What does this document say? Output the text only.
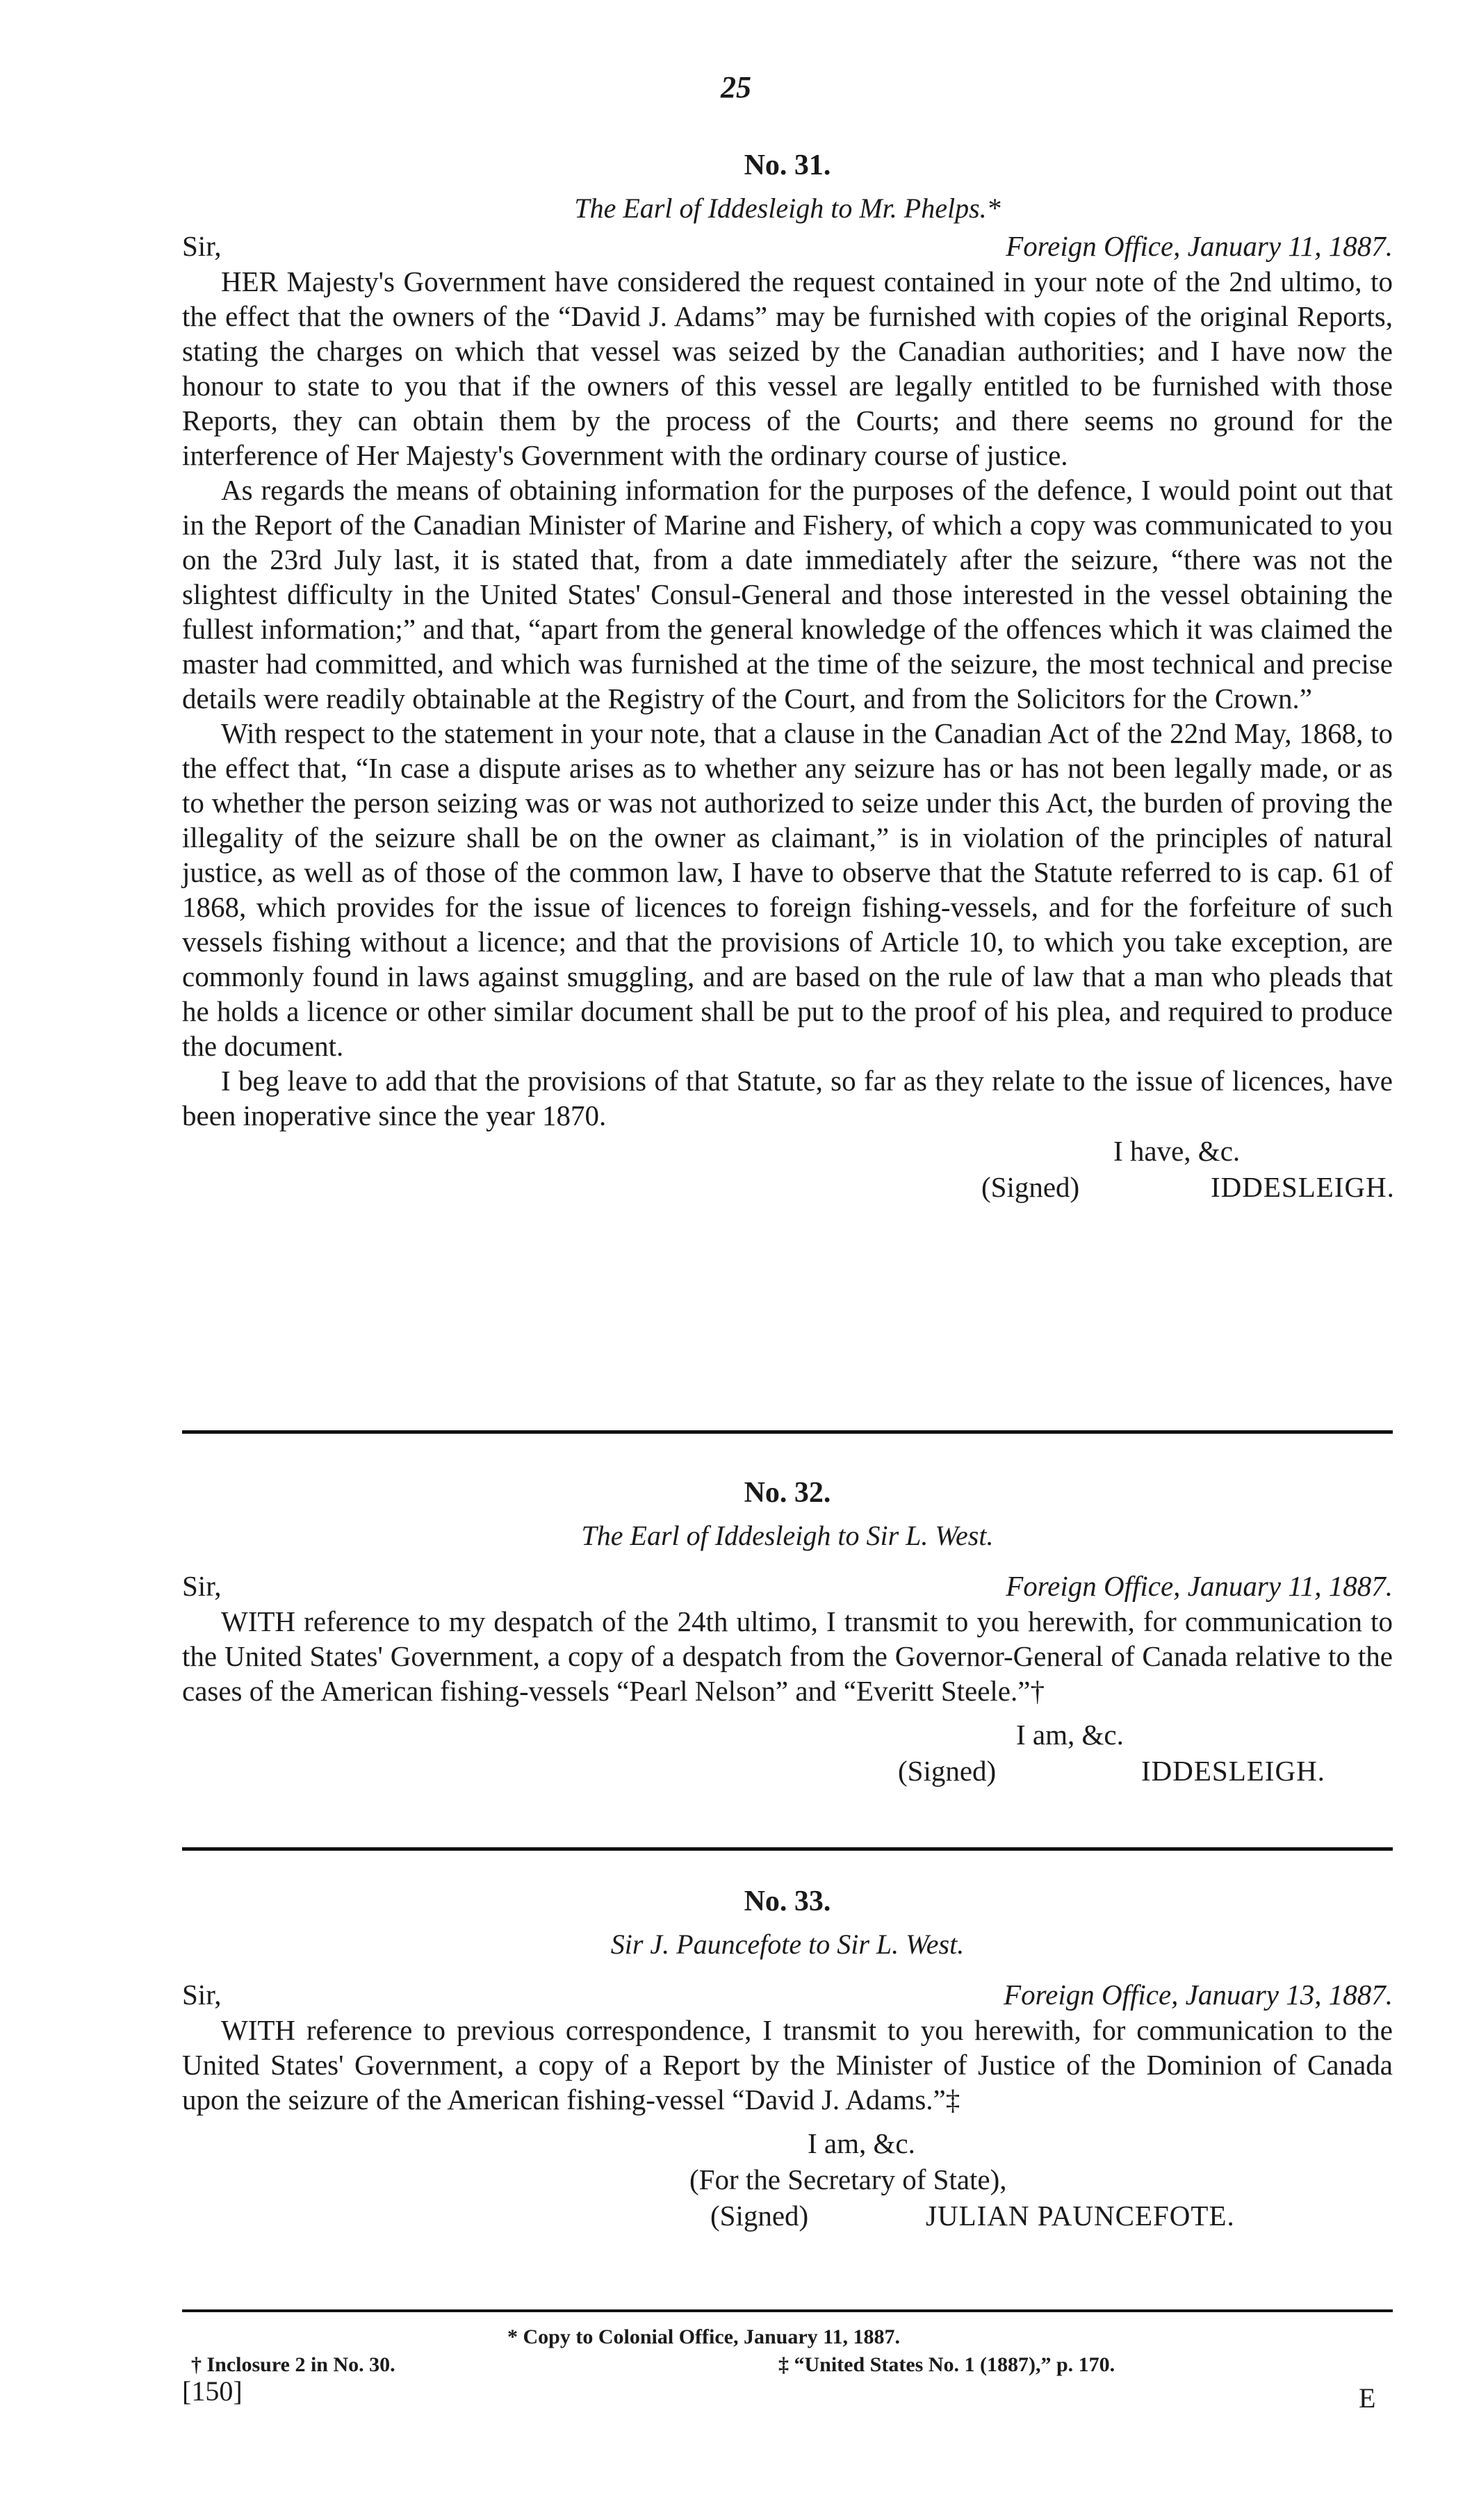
25
No. 31.
The Earl of Iddesleigh to Mr. Phelps.*
Sir,	Foreign Office, January 11, 1887.

HER Majesty's Government have considered the request contained in your note of the 2nd ultimo, to the effect that the owners of the “David J. Adams” may be furnished with copies of the original Reports, stating the charges on which that vessel was seized by the Canadian authorities; and I have now the honour to state to you that if the owners of this vessel are legally entitled to be furnished with those Reports, they can obtain them by the process of the Courts; and there seems no ground for the interference of Her Majesty's Government with the ordinary course of justice.

As regards the means of obtaining information for the purposes of the defence, I would point out that in the Report of the Canadian Minister of Marine and Fishery, of which a copy was communicated to you on the 23rd July last, it is stated that, from a date immediately after the seizure, “there was not the slightest difficulty in the United States' Consul-General and those interested in the vessel obtaining the fullest information;” and that, “apart from the general knowledge of the offences which it was claimed the master had committed, and which was furnished at the time of the seizure, the most technical and precise details were readily obtainable at the Registry of the Court, and from the Solicitors for the Crown.”

With respect to the statement in your note, that a clause in the Canadian Act of the 22nd May, 1868, to the effect that, “In case a dispute arises as to whether any seizure has or has not been legally made, or as to whether the person seizing was or was not authorized to seize under this Act, the burden of proving the illegality of the seizure shall be on the owner as claimant,” is in violation of the principles of natural justice, as well as of those of the common law, I have to observe that the Statute referred to is cap. 61 of 1868, which provides for the issue of licences to foreign fishing-vessels, and for the forfeiture of such vessels fishing without a licence; and that the provisions of Article 10, to which you take exception, are commonly found in laws against smuggling, and are based on the rule of law that a man who pleads that he holds a licence or other similar document shall be put to the proof of his plea, and required to produce the document.

I beg leave to add that the provisions of that Statute, so far as they relate to the issue of licences, have been inoperative since the year 1870.

I have, &c.
(Signed)	IDDESLEIGH.
No. 32.
The Earl of Iddesleigh to Sir L. West.
Sir,	Foreign Office, January 11, 1887.

WITH reference to my despatch of the 24th ultimo, I transmit to you herewith, for communication to the United States' Government, a copy of a despatch from the Governor-General of Canada relative to the cases of the American fishing-vessels “Pearl Nelson” and “Everitt Steele.”†

I am, &c.
(Signed)	IDDESLEIGH.
No. 33.
Sir J. Pauncefote to Sir L. West.
Sir,	Foreign Office, January 13, 1887.

WITH reference to previous correspondence, I transmit to you herewith, for communication to the United States' Government, a copy of a Report by the Minister of Justice of the Dominion of Canada upon the seizure of the American fishing-vessel “David J. Adams.”‡

I am, &c.
(For the Secretary of State),
(Signed)	JULIAN PAUNCEFOTE.
* Copy to Colonial Office, January 11, 1887.
† Inclosure 2 in No. 30.	‡ “United States No. 1 (1887),” p. 170.
[150]	E
